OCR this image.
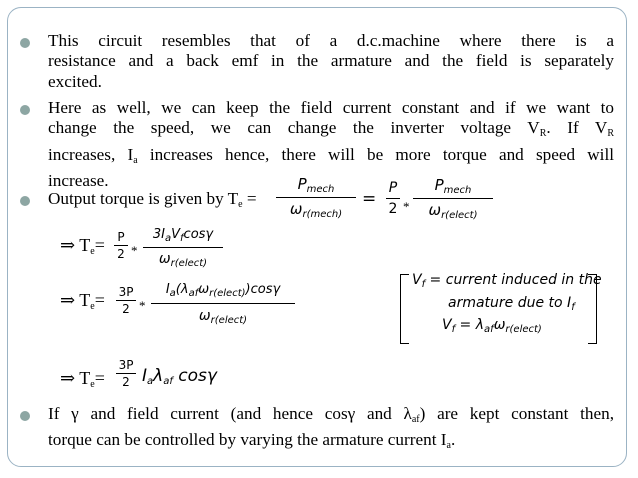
This circuit resembles that of a d.c.machine where there is a
resistance and a back emf in the armature and the field is separately
excited.
Here as well, we can keep the field current constant and if we want to
change the speed, we can change the inverter voltage $V_R$. If $V_R$
increases, $I_a$ increases hence, there will be more torque and speed will
increase.
Output torque is given by $T_e$ =
$P_{mech}$
$\omega_{r(mech)}$
=
P
2 *
$P_{mech}$
$\omega_{r(elect)}$
⇒ $T_e= P$
2 *
$3I_aV_f\cos\gamma$
$\omega_{r(elect)}$
⇒ $T_e= 3P$
2 *
$I_a(\lambda_{af}\omega_{r(elect)})\cos\gamma$
$\omega_{r(elect)}$
$V_f$ = current induced in the
armature due to $I_f$
$V_f = \lambda_{af}\omega_{r(elect)}$
⇒ $T_e=$
3P
2 $I_a\lambda_{af}$ cosγ
If γ and field current (and hence cosγ and $\lambda_{af}$) are kept constant then,
torque can be controlled by varying the armature current $I_a$.
